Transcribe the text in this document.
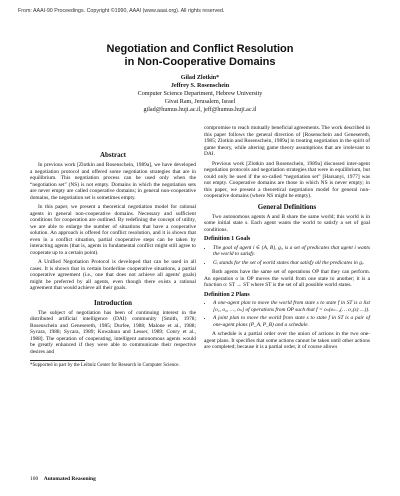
From: AAAI-90 Proceedings. Copyright ©1990, AAAI (www.aaai.org). All rights reserved.
Negotiation and Conflict Resolution
in Non-Cooperative Domains
Gilad Zlotkin*
Jeffrey S. Rosenschein
Computer Science Department, Hebrew University
Givat Ram, Jerusalem, Israel
gilad@humus.huji.ac.il, jeff@humus.huji.ac.il
Abstract

In previous work [Zlotkin and Rosenschein, 1989a], we have developed a negotiation protocol and offered some negotiation strategies that are in equilibrium. This negotiation process can be used only when the “negotiation set” (NS) is not empty. Domains in which the negotiation sets are never empty are called cooperative domains; in general non-cooperative domains, the negotiation set is sometimes empty.

In this paper, we present a theoretical negotiation model for rational agents in general non-cooperative domains. Necessary and sufficient conditions for cooperation are outlined. By redefining the concept of utility, we are able to enlarge the number of situations that have a cooperative solution. An approach is offered for conflict resolution, and it is shown that even in a conflict situation, partial cooperative steps can be taken by interacting agents (that is, agents in fundamental conflict might still agree to cooperate up to a certain point).

A Unified Negotiation Protocol is developed that can be used in all cases. It is shown that in certain borderline cooperative situations, a partial cooperative agreement (i.e., one that does not achieve all agents' goals) might be preferred by all agents, even though there exists a rational agreement that would achieve all their goals.

Introduction

The subject of negotiation has been of continuing interest in the distributed artificial intelligence (DAI) community [Smith, 1978; Rosenschein and Genesereth, 1985; Durfee, 1988; Malone et al., 1988; Sycara, 1988; Sycara, 1989; Kuwabara and Lesser, 1989; Conry et al., 1988]. The operation of cooperating, intelligent autonomous agents would be greatly enhanced if they were able to communicate their respective desires and

*Supported in part by the Leibniz Center for Research in Computer Science.

compromise to reach mutually beneficial agreements. The work described in this paper follows the general direction of [Rosenschein and Genesereth, 1985; Zlotkin and Rosenschein, 1989a] in treating negotiation in the spirit of game theory, while altering game theory assumptions that are irrelevant to DAI.

Previous work [Zlotkin and Rosenschein, 1989a] discussed inter-agent negotiation protocols and negotiation strategies that were in equilibrium, but could only be used if the so-called “negotiation set” [Harsanyi, 1977] was not empty. Cooperative domains are those in which NS is never empty; in this paper, we present a theoretical negotiation model for general non-cooperative domains (where NS might be empty).

General Definitions

Two autonomous agents A and B share the same world; this world is in some initial state s. Each agent wants the world to satisfy a set of goal conditions.

Definition 1 Goals
• The goal of agent i ∈ {A, B}, gᵢ, is a set of predicates that agent i wants the world to satisfy.
• Gᵢ stands for the set of world states that satisfy all the predicates in gᵢ.

Both agents have the same set of operations OP that they can perform. An operation o in OP moves the world from one state to another; it is a function o: ST → ST where ST is the set of all possible world states.

Definition 2 Plans
• A one-agent plan to move the world from state s to state f in ST is a list [o₁, o₂, …, oₙ] of operations from OP such that f = oₙ(oₙ₋₁(… o₁(s) …)).
• A joint plan to move the world from state s to state f in ST is a pair of one-agent plans (P_A, P_B) and a schedule.

A schedule is a partial order over the union of actions in the two one-agent plans. It specifies that some actions cannot be taken until other actions are completed; because it is a partial order, it of course allows

100 Automated Reasoning
